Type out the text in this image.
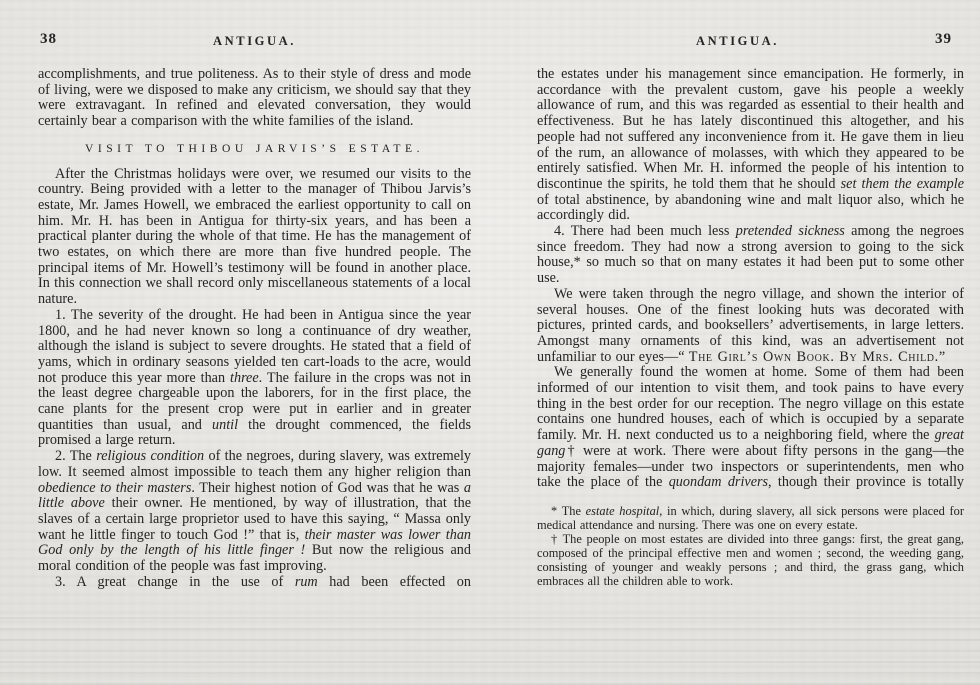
38	ANTIGUA.
accomplishments, and true politeness. As to their style of dress and mode of living, were we disposed to make any criticism, we should say that they were extravagant. In refined and elevated conversation, they would certainly bear a comparison with the white families of the island.
VISIT TO THIBOU JARVIS’S ESTATE.
After the Christmas holidays were over, we resumed our visits to the country. Being provided with a letter to the manager of Thibou Jarvis’s estate, Mr. James Howell, we embraced the earliest opportunity to call on him. Mr. H. has been in Antigua for thirty-six years, and has been a practical planter during the whole of that time. He has the management of two estates, on which there are more than five hundred people. The principal items of Mr. Howell’s testimony will be found in another place. In this connection we shall record only miscellaneous statements of a local nature.
1. The severity of the drought. He had been in Antigua since the year 1800, and he had never known so long a continuance of dry weather, although the island is subject to severe droughts. He stated that a field of yams, which in ordinary seasons yielded ten cart-loads to the acre, would not produce this year more than three. The failure in the crops was not in the least degree chargeable upon the laborers, for in the first place, the cane plants for the present crop were put in earlier and in greater quantities than usual, and until the drought commenced, the fields promised a large return.
2. The religious condition of the negroes, during slavery, was extremely low. It seemed almost impossible to teach them any higher religion than obedience to their masters. Their highest notion of God was that he was a little above their owner. He mentioned, by way of illustration, that the slaves of a certain large proprietor used to have this saying, “ Massa only want he little finger to touch God !” that is, their master was lower than God only by the length of his little finger ! But now the religious and moral condition of the people was fast improving.
3. A great change in the use of rum had been effected on
ANTIGUA.	39
the estates under his management since emancipation. He formerly, in accordance with the prevalent custom, gave his people a weekly allowance of rum, and this was regarded as essential to their health and effectiveness. But he has lately discontinued this altogether, and his people had not suffered any inconvenience from it. He gave them in lieu of the rum, an allowance of molasses, with which they appeared to be entirely satisfied. When Mr. H. informed the people of his intention to discontinue the spirits, he told them that he should set them the example of total abstinence, by abandoning wine and malt liquor also, which he accordingly did.
4. There had been much less pretended sickness among the negroes since freedom. They had now a strong aversion to going to the sick house,* so much so that on many estates it had been put to some other use.
We were taken through the negro village, and shown the interior of several houses. One of the finest looking huts was decorated with pictures, printed cards, and booksellers’ advertisements, in large letters. Amongst many ornaments of this kind, was an advertisement not unfamiliar to our eyes—“ The Girl’s Own Book. By Mrs. Child.”
We generally found the women at home. Some of them had been informed of our intention to visit them, and took pains to have every thing in the best order for our reception. The negro village on this estate contains one hundred houses, each of which is occupied by a separate family. Mr. H. next conducted us to a neighboring field, where the great gang† were at work. There were about fifty persons in the gang—the majority females—under two inspectors or superintendents, men who take the place of the quondam drivers, though their province is totally
* The estate hospital, in which, during slavery, all sick persons were placed for medical attendance and nursing. There was one on every estate.
† The people on most estates are divided into three gangs: first, the great gang, composed of the principal effective men and women ; second, the weeding gang, consisting of younger and weakly persons ; and third, the grass gang, which embraces all the children able to work.
